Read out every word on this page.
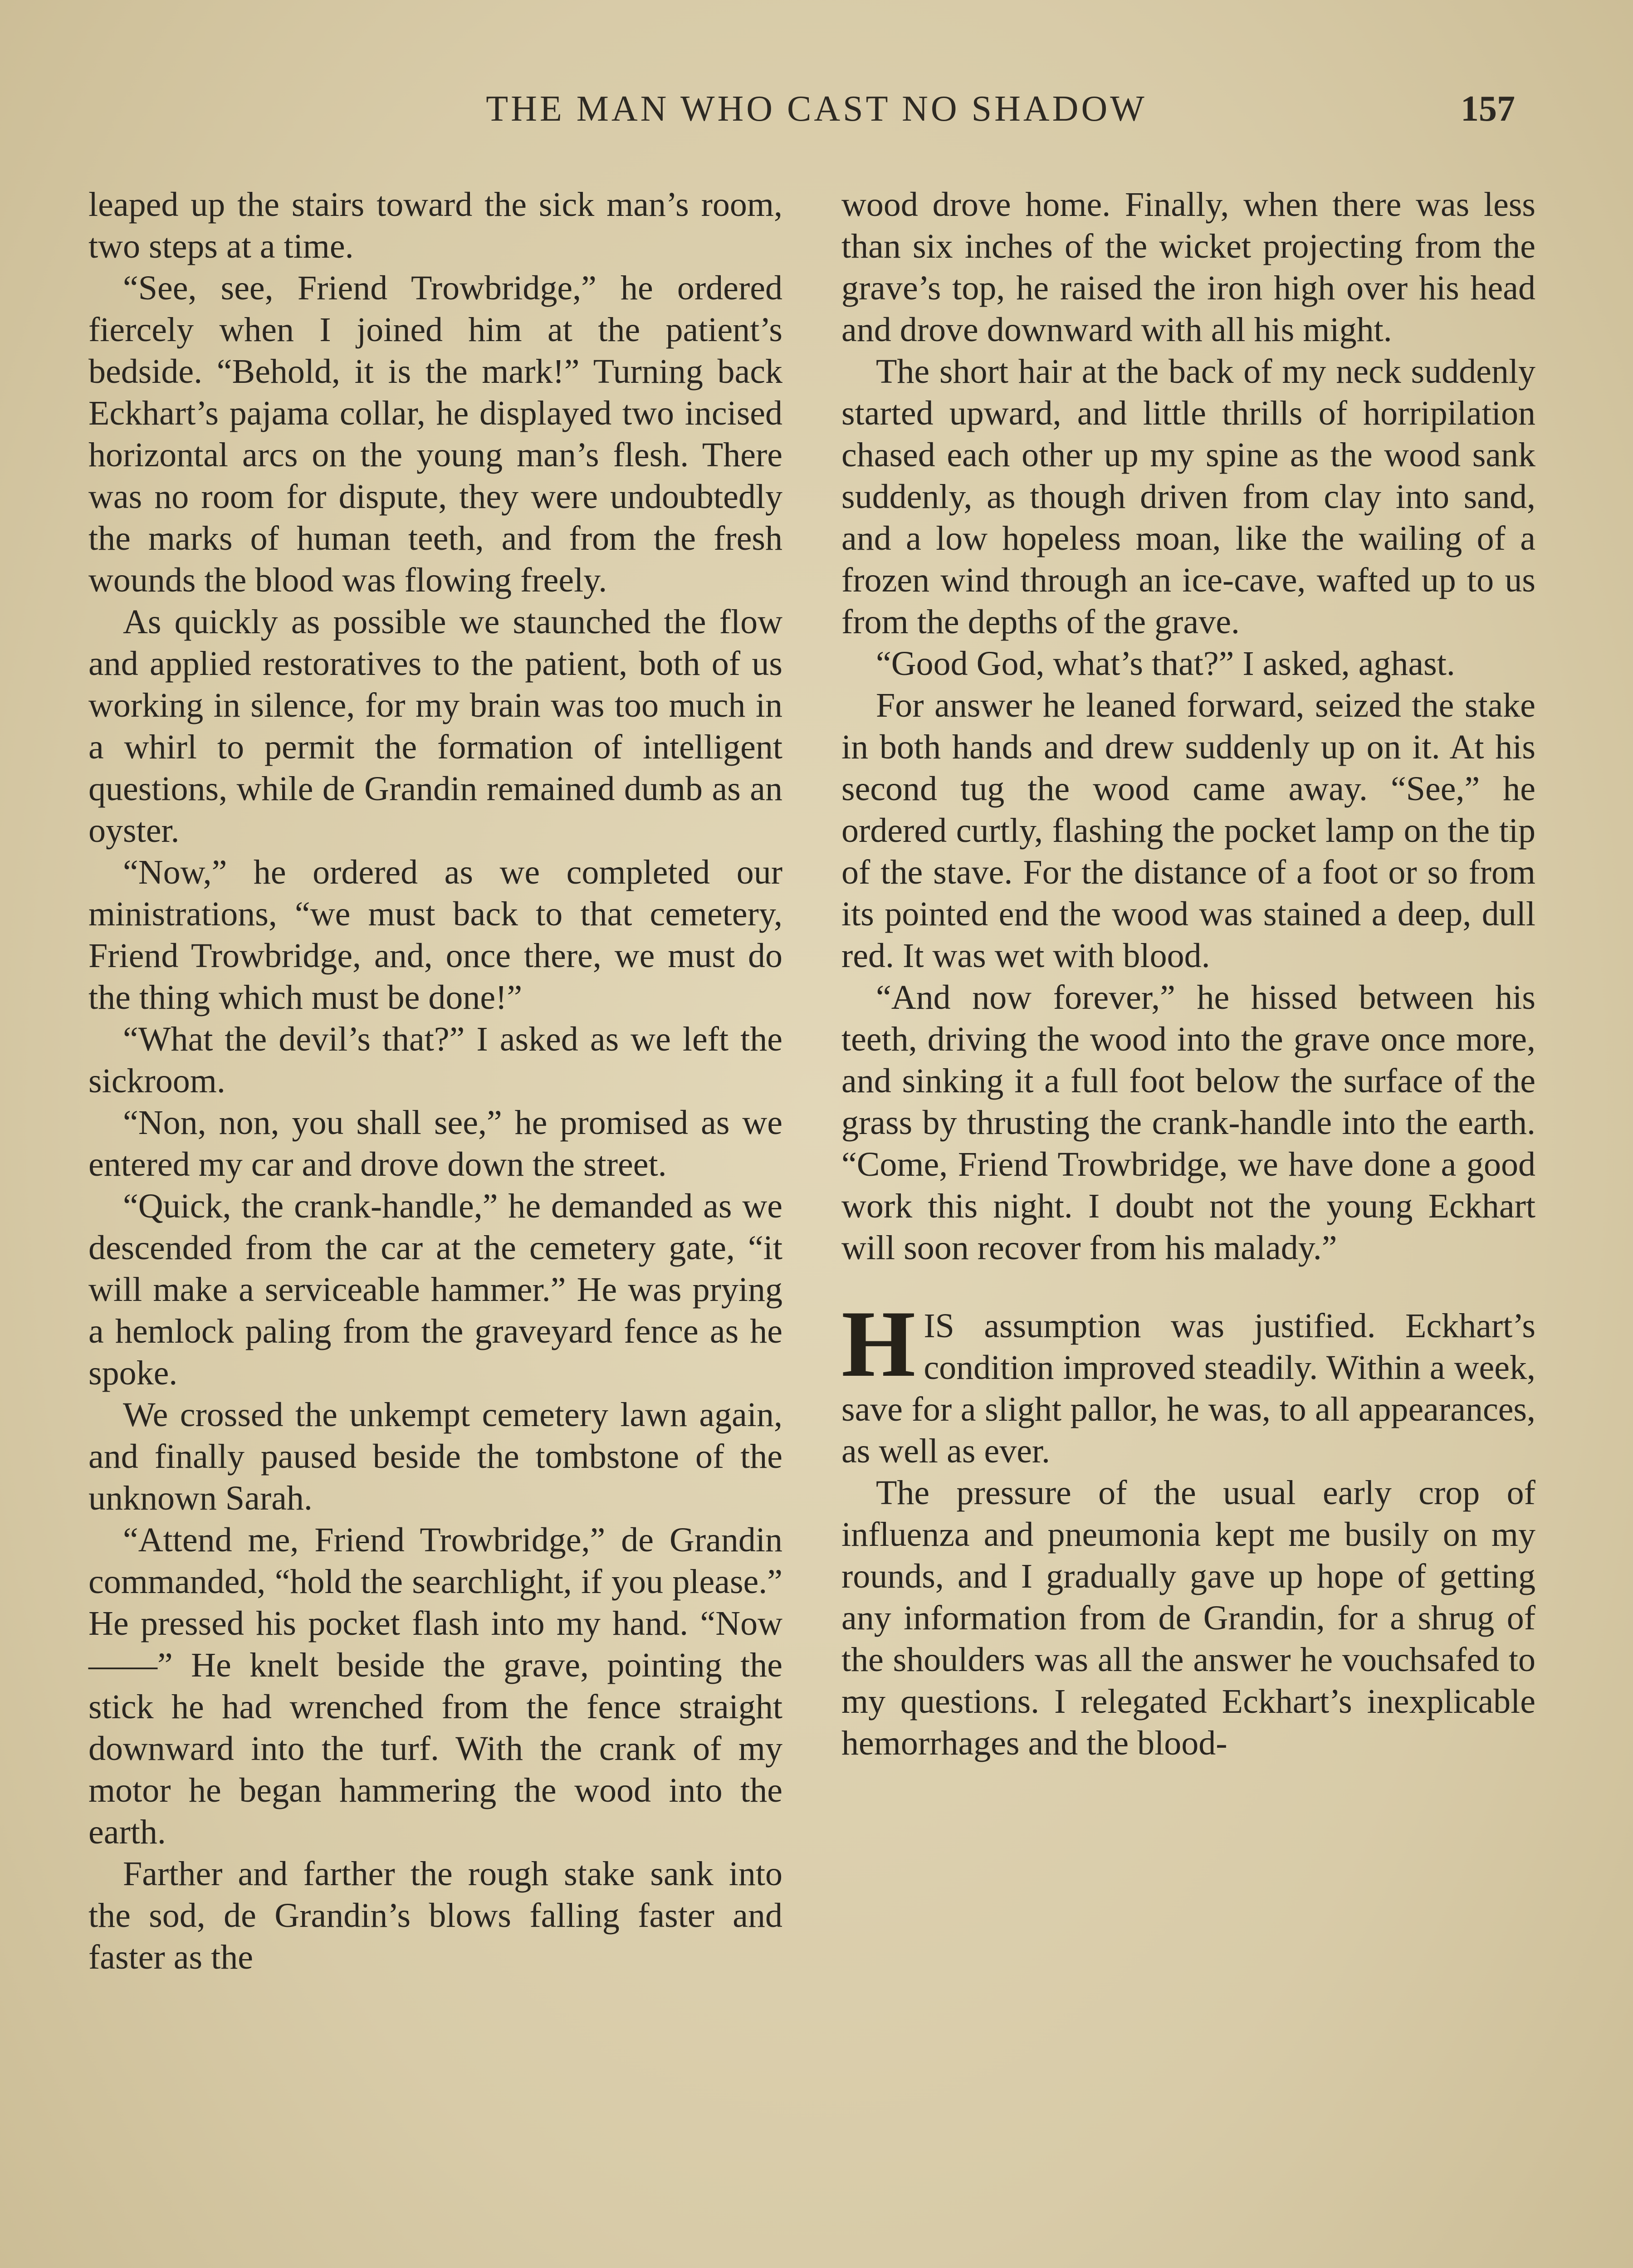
THE MAN WHO CAST NO SHADOW	157

leaped up the stairs toward the sick man’s room, two steps at a time.

“See, see, Friend Trowbridge,” he ordered fiercely when I joined him at the patient’s bedside. “Behold, it is the mark!” Turning back Eckhart’s pajama collar, he displayed two incised horizontal arcs on the young man’s flesh. There was no room for dispute, they were undoubtedly the marks of human teeth, and from the fresh wounds the blood was flowing freely.

As quickly as possible we staunched the flow and applied restoratives to the patient, both of us working in silence, for my brain was too much in a whirl to permit the formation of intelligent questions, while de Grandin remained dumb as an oyster.

“Now,” he ordered as we completed our ministrations, “we must back to that cemetery, Friend Trowbridge, and, once there, we must do the thing which must be done!”

“What the devil’s that?” I asked as we left the sickroom.

“Non, non, you shall see,” he promised as we entered my car and drove down the street.

“Quick, the crank-handle,” he demanded as we descended from the car at the cemetery gate, “it will make a serviceable hammer.” He was prying a hemlock paling from the graveyard fence as he spoke.

We crossed the unkempt cemetery lawn again, and finally paused beside the tombstone of the unknown Sarah.

“Attend me, Friend Trowbridge,” de Grandin commanded, “hold the searchlight, if you please.” He pressed his pocket flash into my hand. “Now——” He knelt beside the grave, pointing the stick he had wrenched from the fence straight downward into the turf. With the crank of my motor he began hammering the wood into the earth.

Farther and farther the rough stake sank into the sod, de Grandin’s blows falling faster and faster as the

wood drove home. Finally, when there was less than six inches of the wicket projecting from the grave’s top, he raised the iron high over his head and drove downward with all his might.

The short hair at the back of my neck suddenly started upward, and little thrills of horripilation chased each other up my spine as the wood sank suddenly, as though driven from clay into sand, and a low hopeless moan, like the wailing of a frozen wind through an ice-cave, wafted up to us from the depths of the grave.

“Good God, what’s that?” I asked, aghast.

For answer he leaned forward, seized the stake in both hands and drew suddenly up on it. At his second tug the wood came away. “See,” he ordered curtly, flashing the pocket lamp on the tip of the stave. For the distance of a foot or so from its pointed end the wood was stained a deep, dull red. It was wet with blood.

“And now forever,” he hissed between his teeth, driving the wood into the grave once more, and sinking it a full foot below the surface of the grass by thrusting the crank-handle into the earth. “Come, Friend Trowbridge, we have done a good work this night. I doubt not the young Eckhart will soon recover from his malady.”

HIS assumption was justified. Eckhart’s condition improved steadily. Within a week, save for a slight pallor, he was, to all appearances, as well as ever.

The pressure of the usual early crop of influenza and pneumonia kept me busily on my rounds, and I gradually gave up hope of getting any information from de Grandin, for a shrug of the shoulders was all the answer he vouchsafed to my questions. I relegated Eckhart’s inexplicable hemorrhages and the blood-
